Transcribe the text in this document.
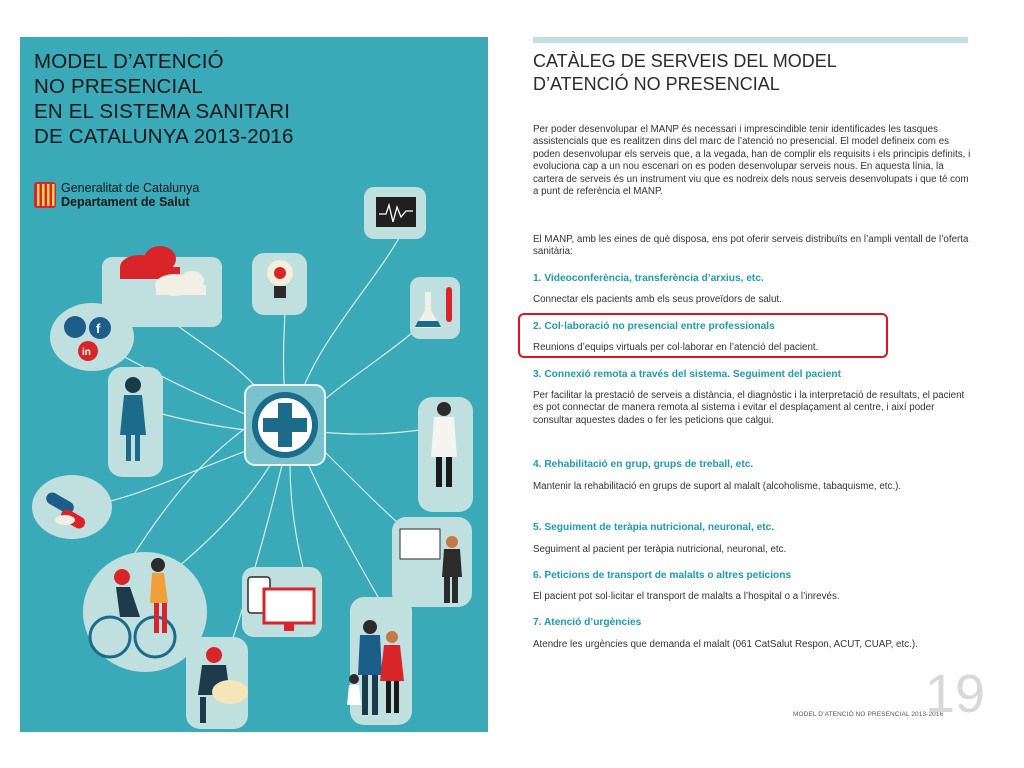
f
in
MODEL D’ATENCIÓ
NO PRESENCIAL
EN EL SISTEMA SANITARI
DE CATALUNYA 2013-2016
Generalitat de Catalunya
Departament de Salut
CATÀLEG DE SERVEIS DEL MODEL
D’ATENCIÓ NO PRESENCIAL

Per poder desenvolupar el MANP és necessari i imprescindible tenir identificades les tasques assistencials que es realitzen dins del marc de l’atenció no presencial. El model defineix com es poden desenvolupar els serveis que, a la vegada, han de complir els requisits i els principis definits, i evoluciona cap a un nou escenari on es poden desenvolupar serveis nous. En aquesta línia, la cartera de serveis és un instrument viu que es nodreix dels nous serveis desenvolupats i que té com a punt de referència el MANP.

El MANP, amb les eines de què disposa, ens pot oferir serveis distribuïts en l’ampli ventall de l’oferta sanitària:

1. Videoconferència, transferència d’arxius, etc.

Connectar els pacients amb els seus proveïdors de salut.

2. Col·laboració no presencial entre professionals

Reunions d’equips virtuals per col·laborar en l’atenció del pacient.

3. Connexió remota a través del sistema. Seguiment del pacient

Per facilitar la prestació de serveis a distància, el diagnòstic i la interpretació de resultats, el pacient es pot connectar de manera remota al sistema i evitar el desplaçament al centre, i així poder consultar aquestes dades o fer les peticions que calgui.

4. Rehabilitació en grup, grups de treball, etc.

Mantenir la rehabilitació en grups de suport al malalt (alcoholisme, tabaquisme, etc.).

5. Seguiment de teràpia nutricional, neuronal, etc.

Seguiment al pacient per teràpia nutricional, neuronal, etc.

6. Peticions de transport de malalts o altres peticions

El pacient pot sol·licitar el transport de malalts a l’hospital o a l’inrevés.

7. Atenció d’urgències

Atendre les urgències que demanda el malalt (061 CatSalut Respon, ACUT, CUAP, etc.).

MODEL D’ATENCIÓ NO PRESENCIAL 2013-2016
19
